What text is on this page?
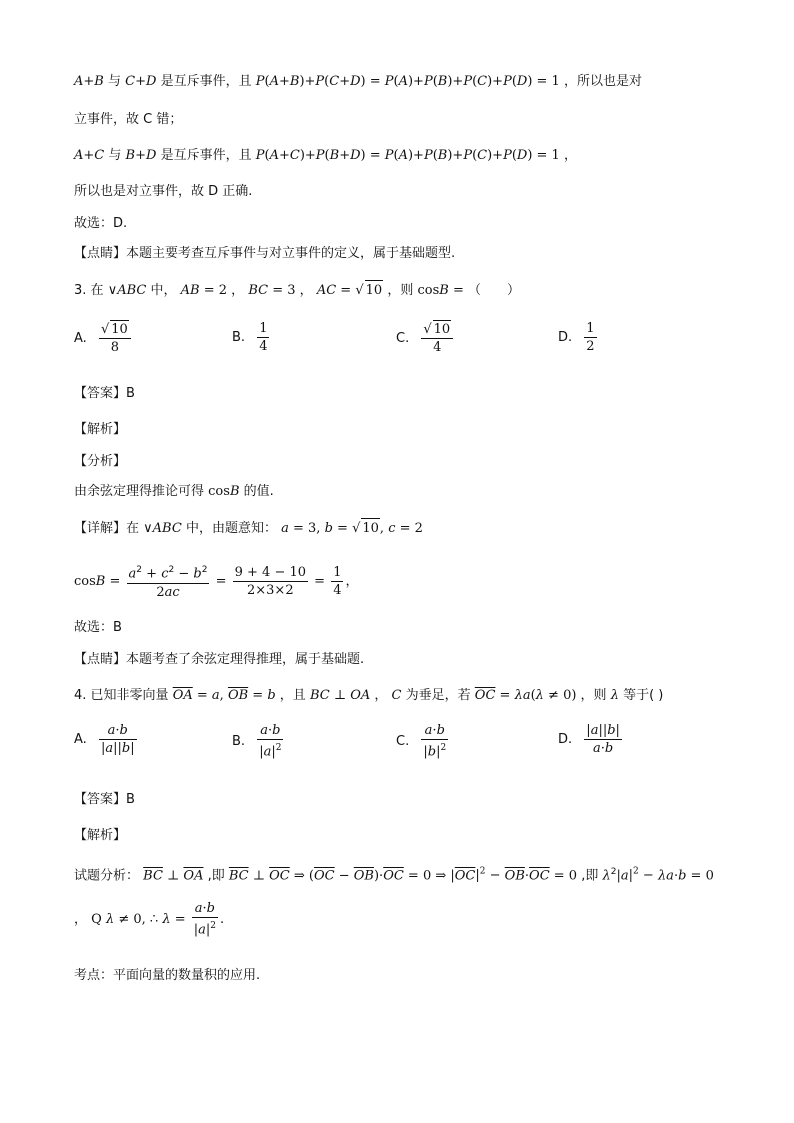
A+B 与 C+D 是互斥事件，且 P(A+B)+P(C+D) = P(A)+P(B)+P(C)+P(D) = 1 ，所以也是对
立事件，故 C 错；
A+C 与 B+D 是互斥事件，且 P(A+C)+P(B+D) = P(A)+P(B)+P(C)+P(D) = 1 ，
所以也是对立事件，故 D 正确.
故选：D.
【点睛】本题主要考查互斥事件与对立事件的定义，属于基础题型.
3. 在 ∨ABC 中， AB = 2 ， BC = 3 ， AC = √ 10 ，则 cosB = （　　）
A. $\frac{√ 10}{8}$	B. $\frac{1}{4}$	C. $\frac{√ 10}{4}$	D. $\frac{1}{2}$
【答案】B
【解析】
【分析】
由余弦定理得推论可得 cosB 的值.
【详解】在 ∨ABC 中，由题意知： a = 3, b = √ 10, c = 2
$\cos B = \frac{a^2 + c^2 - b^2}{2ac} = \frac{9 + 4 - 10}{2\times 3\times 2} = \frac{1}{4}$ ，
故选：B
【点睛】本题考查了余弦定理得推理，属于基础题.
4. 已知非零向量 $\overline{OA} = a$, $\overline{OB} = b$ ，且 BC ⊥ OA ， C 为垂足，若 $\overline{OC} = \lambda a(\lambda \ne 0)$ ，则 λ 等于( )
A. $\frac{a\cdot b}{|a||b|}$	B. $\frac{a\cdot b}{|a|^2}$	C. $\frac{a\cdot b}{|b|^2}$	D. $\frac{|a||b|}{a\cdot b}$
【答案】B
【解析】
试题分析： $\overline{BC}$ ⊥ $\overline{OA}$ ,即 $\overline{BC}$ ⊥ $\overline{OC}$ ⇒ $(\overline{OC} - \overline{OB})\cdot\overline{OC} = 0$ ⇒ $|\overline{OC}|^2 - \overline{OB}\cdot\overline{OC} = 0$ ,即 $\lambda^2|a|^2 - \lambda a\cdot b = 0$
， Q λ ≠ 0, ∴ $\lambda = \frac{a\cdot b}{|a|^2}$ .
考点：平面向量的数量积的应用.
